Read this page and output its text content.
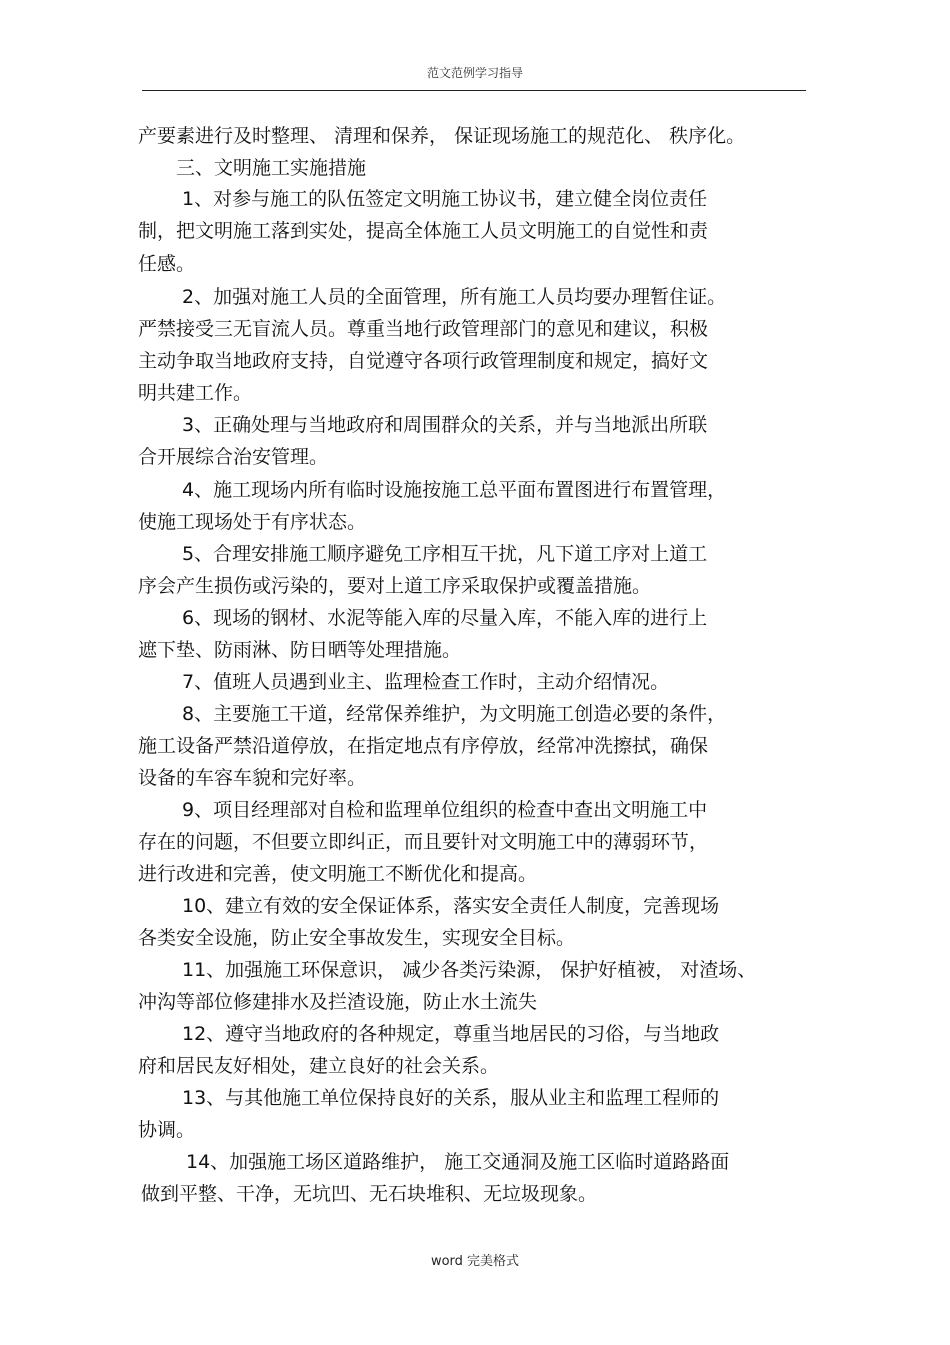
范文范例学习指导
产要素进行及时整理、 清理和保养， 保证现场施工的规范化、 秩序化。
三、文明施工实施措施
1、对参与施工的队伍签定文明施工协议书，建立健全岗位责任
制，把文明施工落到实处，提高全体施工人员文明施工的自觉性和责
任感。
2、加强对施工人员的全面管理，所有施工人员均要办理暂住证。
严禁接受三无盲流人员。尊重当地行政管理部门的意见和建议，积极
主动争取当地政府支持，自觉遵守各项行政管理制度和规定，搞好文
明共建工作。
3、正确处理与当地政府和周围群众的关系，并与当地派出所联
合开展综合治安管理。
4、施工现场内所有临时设施按施工总平面布置图进行布置管理，
使施工现场处于有序状态。
5、合理安排施工顺序避免工序相互干扰，凡下道工序对上道工
序会产生损伤或污染的，要对上道工序采取保护或覆盖措施。
6、现场的钢材、水泥等能入库的尽量入库，不能入库的进行上
遮下垫、防雨淋、防日晒等处理措施。
7、值班人员遇到业主、监理检查工作时，主动介绍情况。
8、主要施工干道，经常保养维护，为文明施工创造必要的条件，
施工设备严禁沿道停放，在指定地点有序停放，经常冲洗擦拭，确保
设备的车容车貌和完好率。
9、项目经理部对自检和监理单位组织的检查中查出文明施工中
存在的问题，不但要立即纠正，而且要针对文明施工中的薄弱环节，
进行改进和完善，使文明施工不断优化和提高。
10、建立有效的安全保证体系，落实安全责任人制度，完善现场
各类安全设施，防止安全事故发生，实现安全目标。
11、加强施工环保意识， 减少各类污染源， 保护好植被， 对渣场、
冲沟等部位修建排水及拦渣设施，防止水土流失
12、遵守当地政府的各种规定，尊重当地居民的习俗，与当地政
府和居民友好相处，建立良好的社会关系。
13、与其他施工单位保持良好的关系，服从业主和监理工程师的
协调。
14、加强施工场区道路维护， 施工交通洞及施工区临时道路路面
做到平整、干净，无坑凹、无石块堆积、无垃圾现象。
word 完美格式
